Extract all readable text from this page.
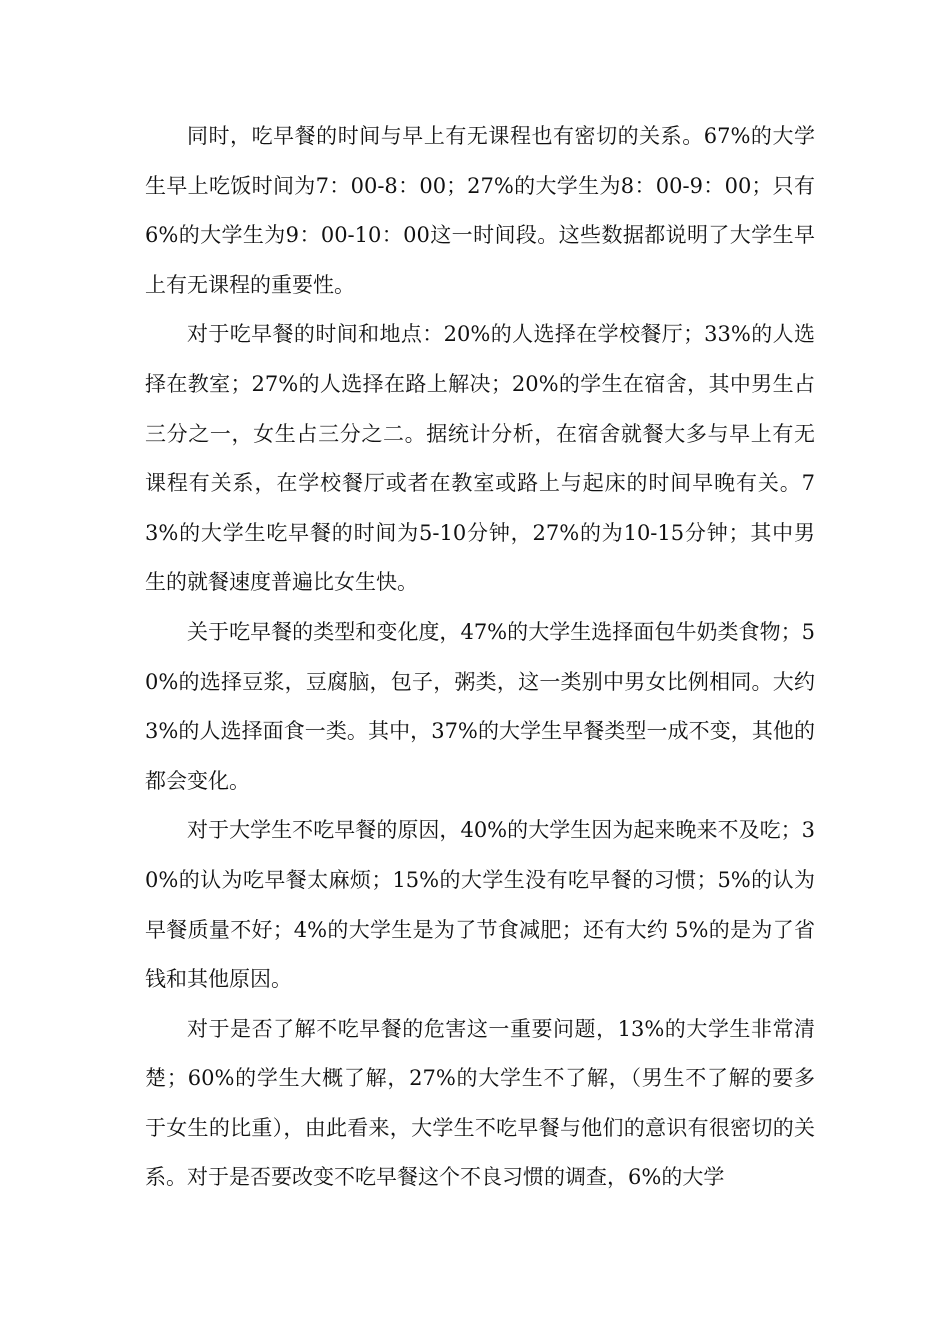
同时，吃早餐的时间与早上有无课程也有密切的关系。67%的大学生早上吃饭时间为7：00-8：00；27%的大学生为8：00-9：00；只有6%的大学生为9：00-10：00这一时间段。这些数据都说明了大学生早上有无课程的重要性。

对于吃早餐的时间和地点：20%的人选择在学校餐厅；33%的人选择在教室；27%的人选择在路上解决；20%的学生在宿舍，其中男生占三分之一，女生占三分之二。据统计分析，在宿舍就餐大多与早上有无课程有关系，在学校餐厅或者在教室或路上与起床的时间早晚有关。73%的大学生吃早餐的时间为5-10分钟，27%的为10-15分钟；其中男生的就餐速度普遍比女生快。

关于吃早餐的类型和变化度，47%的大学生选择面包牛奶类食物；50%的选择豆浆，豆腐脑，包子，粥类，这一类别中男女比例相同。大约 3%的人选择面食一类。其中，37%的大学生早餐类型一成不变，其他的都会变化。

对于大学生不吃早餐的原因，40%的大学生因为起来晚来不及吃；30%的认为吃早餐太麻烦；15%的大学生没有吃早餐的习惯；5%的认为早餐质量不好；4%的大学生是为了节食减肥；还有大约 5%的是为了省钱和其他原因。

对于是否了解不吃早餐的危害这一重要问题，13%的大学生非常清楚；60%的学生大概了解，27%的大学生不了解，（男生不了解的要多于女生的比重），由此看来，大学生不吃早餐与他们的意识有很密切的关系。对于是否要改变不吃早餐这个不良习惯的调查，6%的大学
